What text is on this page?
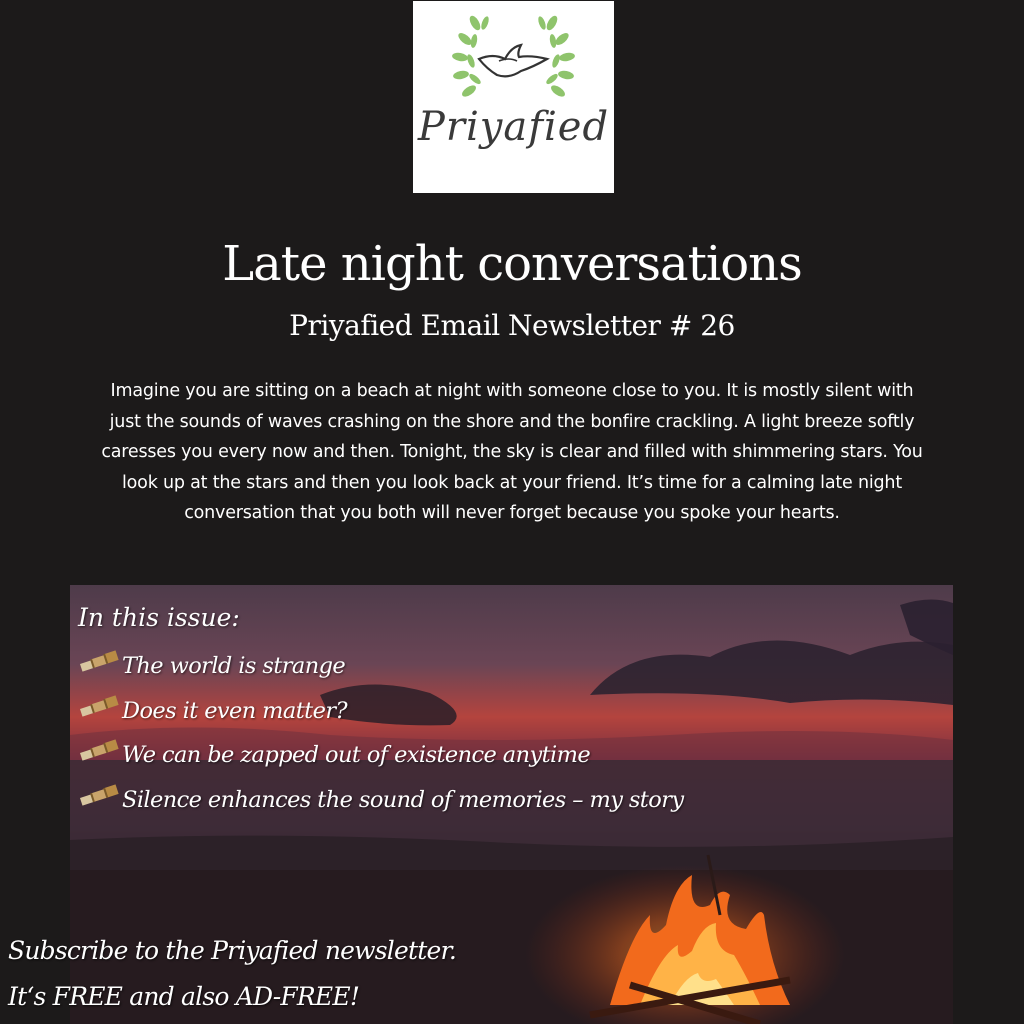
Priyafied
Late night conversations
Priyafied Email Newsletter # 26
Imagine you are sitting on a beach at night with someone close to you. It is mostly silent with just the sounds of waves crashing on the shore and the bonfire crackling. A light breeze softly caresses you every now and then. Tonight, the sky is clear and filled with shimmering stars. You look up at the stars and then you look back at your friend. It’s time for a calming late night conversation that you both will never forget because you spoke your hearts.
In this issue:
The world is strange
Does it even matter?
We can be zapped out of existence anytime
Silence enhances the sound of memories – my story
Subscribe to the Priyafied newsletter.
It‘s FREE and also AD-FREE!
